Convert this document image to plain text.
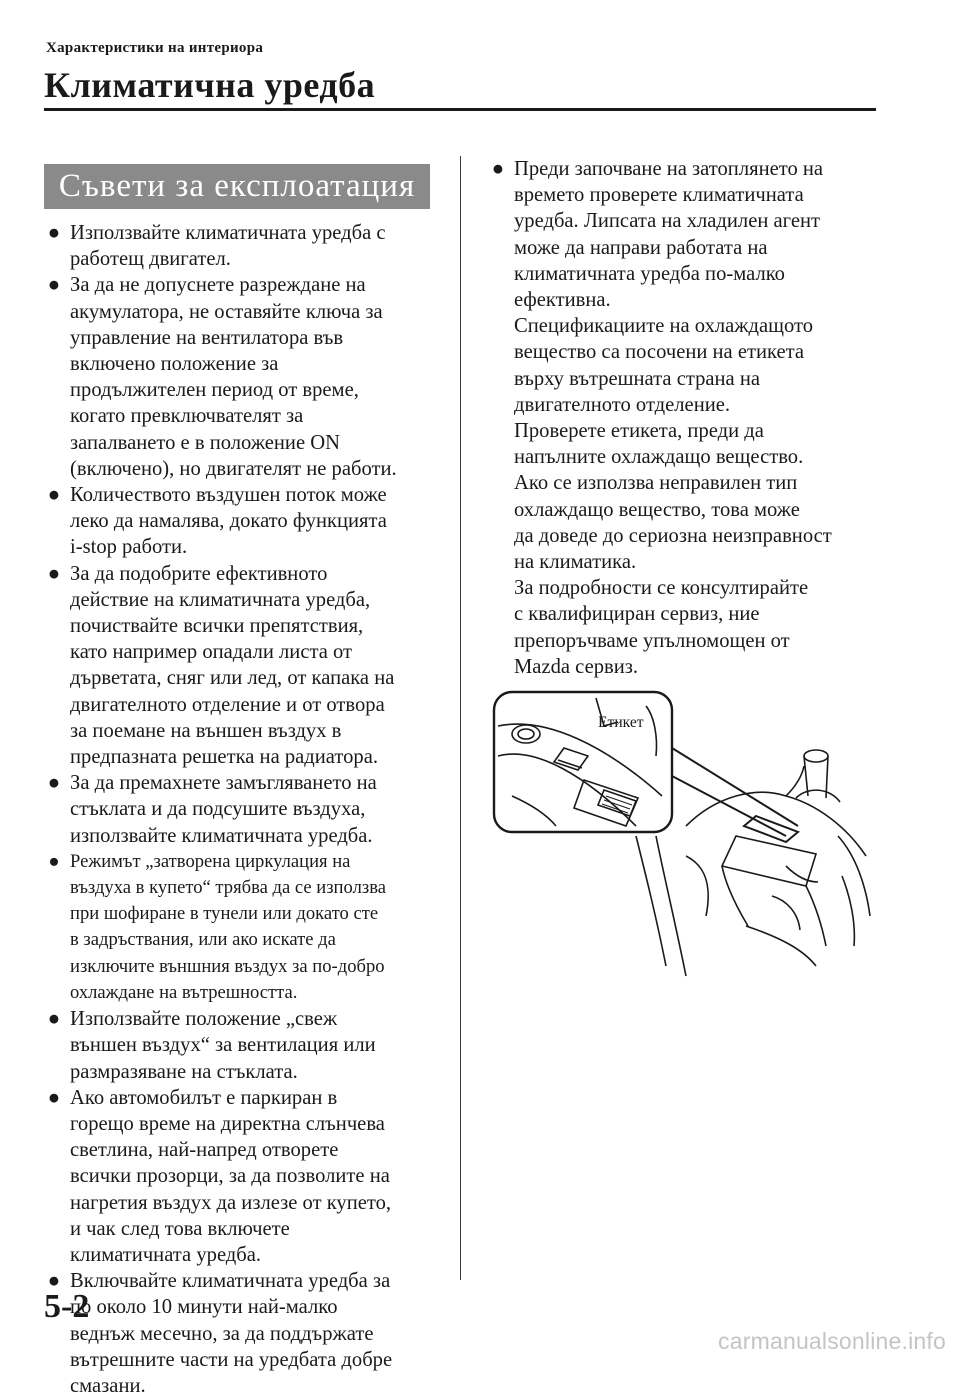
Характеристики на интериора
Климатична уредба
Съвети за експлоатация
● Използвайте климатичната уредба с
работещ двигател.
● За да не допуснете разреждане на
акумулатора, не оставяйте ключа за
управление на вентилатора във
включено положение за
продължителен период от време,
когато превключвателят за
запалването е в положение ON
(включено), но двигателят не работи.
● Количеството въздушен поток може
леко да намалява, докато функцията
i-stop работи.
● За да подобрите ефективното
действие на климатичната уредба,
почиствайте всички препятствия,
като например опадали листа от
дърветата, сняг или лед, от капака на
двигателното отделение и от отвора
за поемане на външен въздух в
предпазната решетка на радиатора.
● За да премахнете замъгляването на
стъклата и да подсушите въздуха,
използвайте климатичната уредба.
● Режимът „затворена циркулация на
въздуха в купето“ трябва да се използва
при шофиране в тунели или докато сте
в задръствания, или ако искате да
изключите външния въздух за по-добро
охлаждане на вътрешността.
● Използвайте положение „свеж
външен въздух“ за вентилация или
размразяване на стъклата.
● Ако автомобилът е паркиран в
горещо време на директна слънчева
светлина, най-напред отворете
всички прозорци, за да позволите на
нагретия въздух да излезе от купето,
и чак след това включете
климатичната уредба.
● Включвайте климатичната уредба за
по около 10 минути най-малко
веднъж месечно, за да поддържате
вътрешните части на уредбата добре
смазани.
● Преди започване на затоплянето на
времето проверете климатичната
уредба. Липсата на хладилен агент
може да направи работата на
климатичната уредба по-малко
ефективна.
Спецификациите на охлаждащото
вещество са посочени на етикета
върху вътрешната страна на
двигателното отделение.
Проверете етикета, преди да
напълните охлаждащо вещество.
Ако се използва неправилен тип
охлаждащо вещество, това може
да доведе до сериозна неизправност
на климатика.
За подробности се консултирайте
с квалифициран сервиз, ние
препоръчваме упълномощен от
Mazda сервиз.
Етикет
5-2
carmanualsonline.info
